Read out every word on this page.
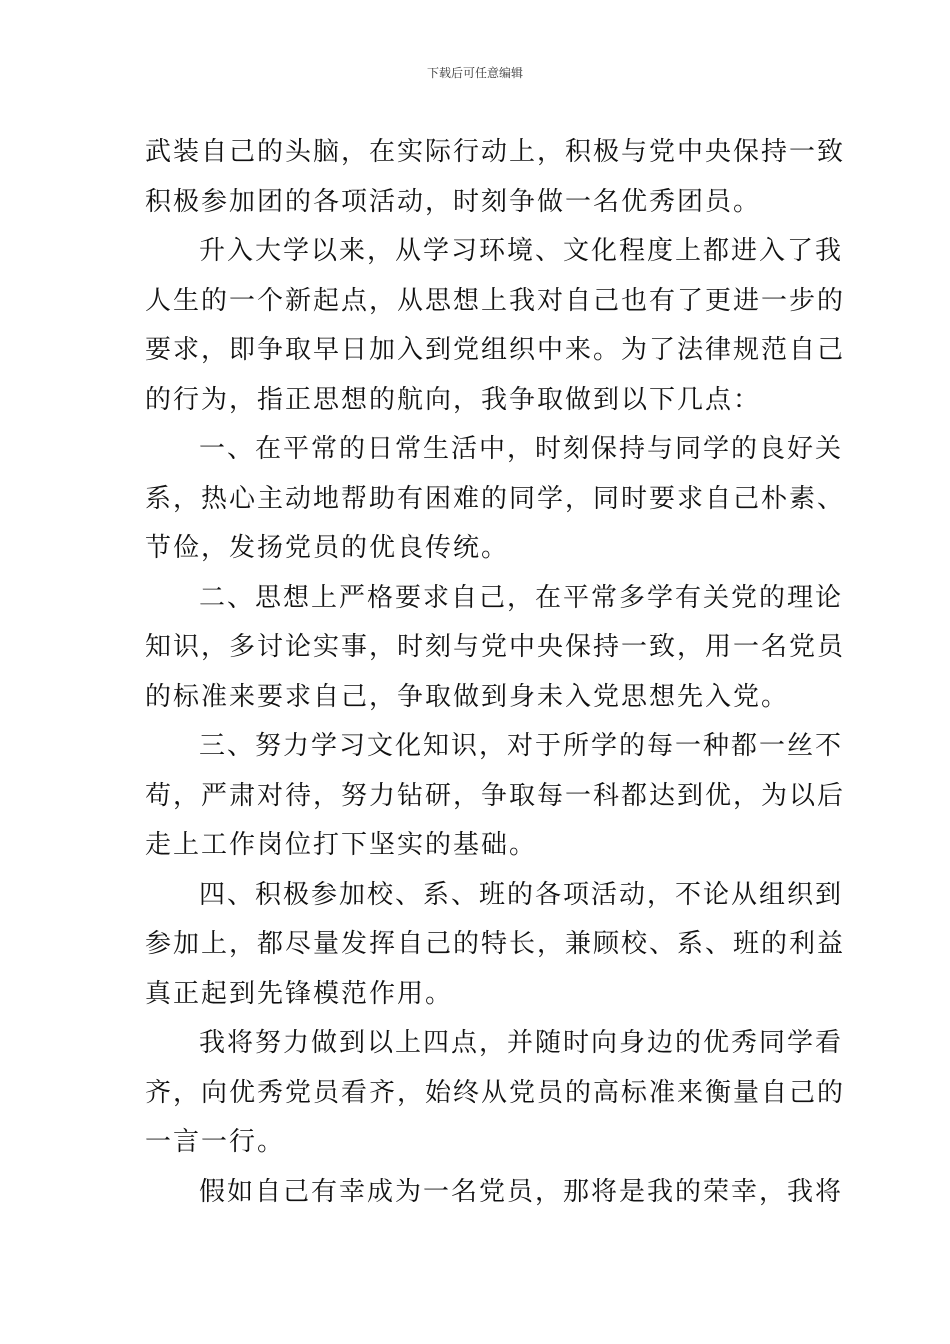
下载后可任意编辑
武装自己的头脑，在实际行动上，积极与党中央保持一致
积极参加团的各项活动，时刻争做一名优秀团员。
升入大学以来，从学习环境、文化程度上都进入了我
人生的一个新起点，从思想上我对自己也有了更进一步的
要求，即争取早日加入到党组织中来。为了法律规范自己
的行为，指正思想的航向，我争取做到以下几点：
一、在平常的日常生活中，时刻保持与同学的良好关
系，热心主动地帮助有困难的同学，同时要求自己朴素、
节俭，发扬党员的优良传统。
二、思想上严格要求自己，在平常多学有关党的理论
知识，多讨论实事，时刻与党中央保持一致，用一名党员
的标准来要求自己，争取做到身未入党思想先入党。
三、努力学习文化知识，对于所学的每一种都一丝不
苟，严肃对待，努力钻研，争取每一科都达到优，为以后
走上工作岗位打下坚实的基础。
四、积极参加校、系、班的各项活动，不论从组织到
参加上，都尽量发挥自己的特长，兼顾校、系、班的利益
真正起到先锋模范作用。
我将努力做到以上四点，并随时向身边的优秀同学看
齐，向优秀党员看齐，始终从党员的高标准来衡量自己的
一言一行。
假如自己有幸成为一名党员，那将是我的荣幸，我将
